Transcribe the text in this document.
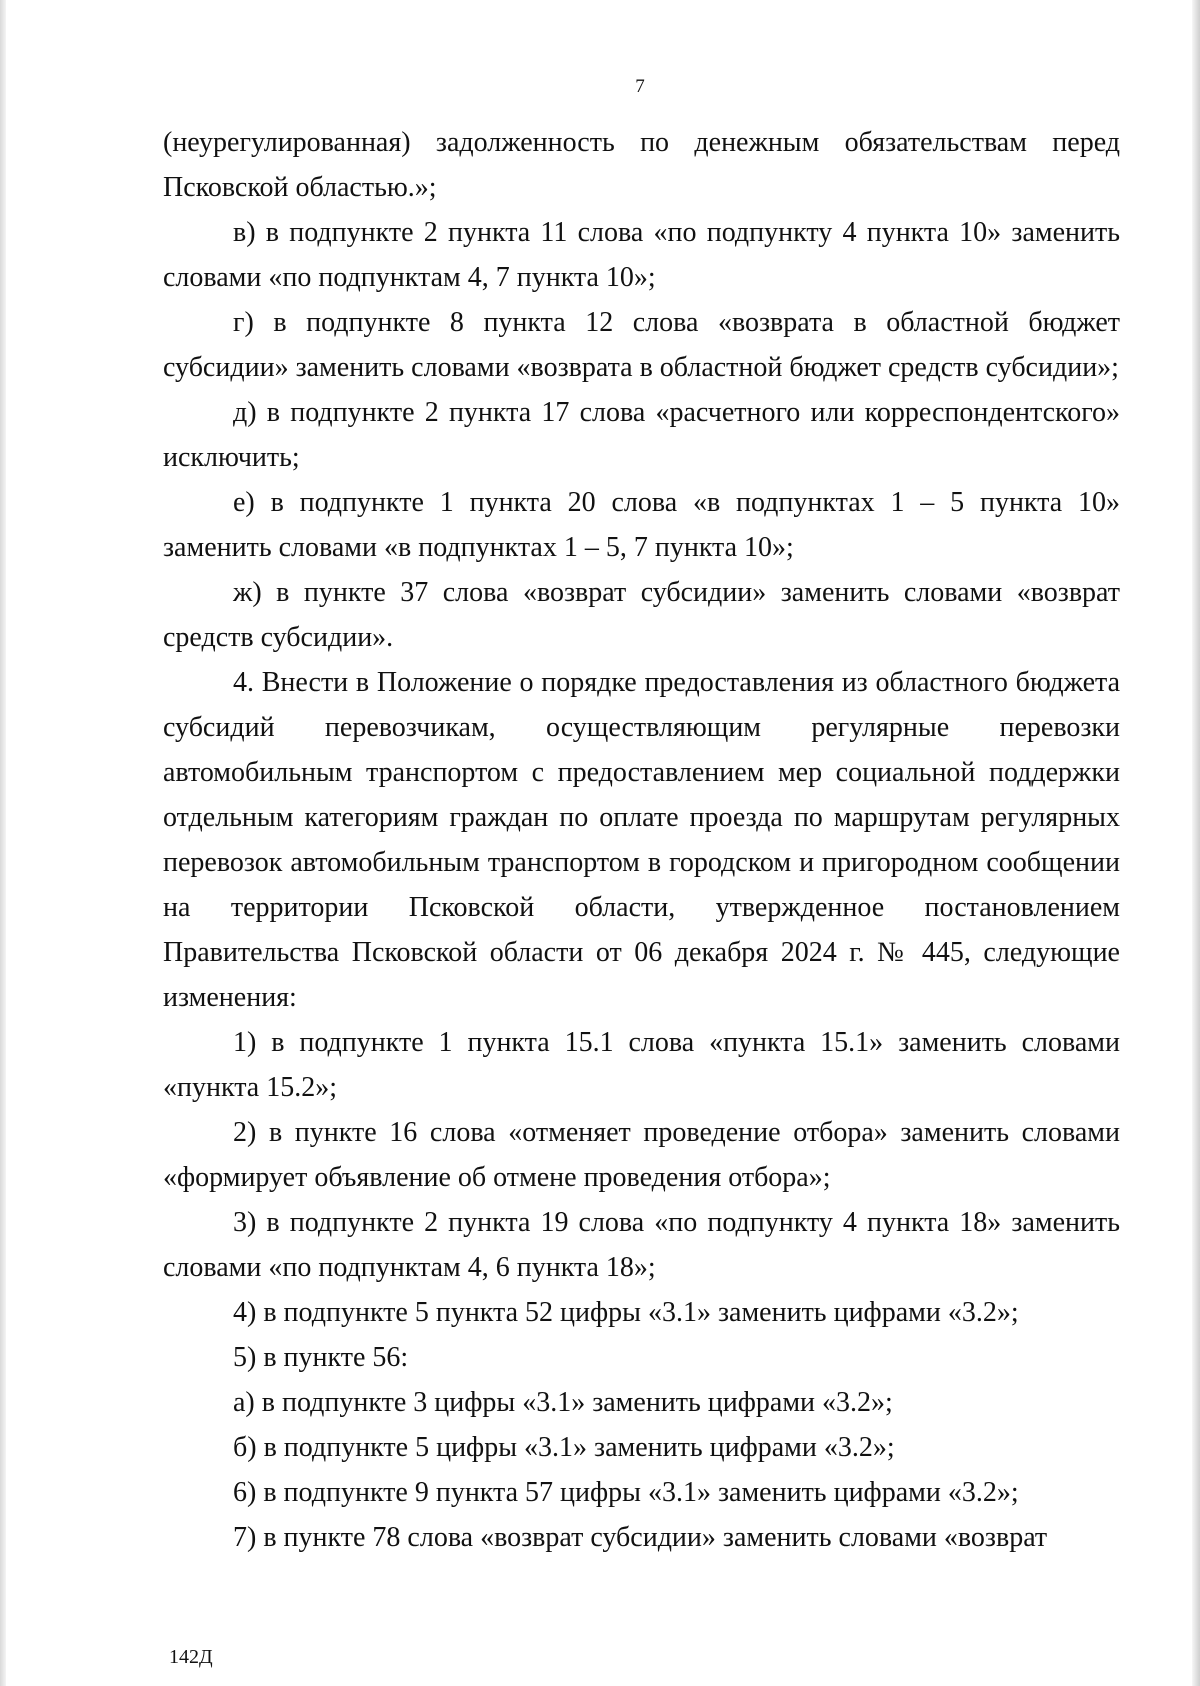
7

(неурегулированная) задолженность по денежным обязательствам перед Псковской областью.»;

в) в подпункте 2 пункта 11 слова «по подпункту 4 пункта 10» заменить словами «по подпунктам 4, 7 пункта 10»;

г) в подпункте 8 пункта 12 слова «возврата в областной бюджет субсидии» заменить словами «возврата в областной бюджет средств субсидии»;

д) в подпункте 2 пункта 17 слова «расчетного или корреспондентского» исключить;

е) в подпункте 1 пункта 20 слова «в подпунктах 1 – 5 пункта 10» заменить словами «в подпунктах 1 – 5, 7 пункта 10»;

ж) в пункте 37 слова «возврат субсидии» заменить словами «возврат средств субсидии».

4. Внести в Положение о порядке предоставления из областного бюджета субсидий перевозчикам, осуществляющим регулярные перевозки автомобильным транспортом с предоставлением мер социальной поддержки отдельным категориям граждан по оплате проезда по маршрутам регулярных перевозок автомобильным транспортом в городском и пригородном сообщении на территории Псковской области, утвержденное постановлением Правительства Псковской области от 06 декабря 2024 г. № 445, следующие изменения:

1) в подпункте 1 пункта 15.1 слова «пункта 15.1» заменить словами «пункта 15.2»;

2) в пункте 16 слова «отменяет проведение отбора» заменить словами «формирует объявление об отмене проведения отбора»;

3) в подпункте 2 пункта 19 слова «по подпункту 4 пункта 18» заменить словами «по подпунктам 4, 6 пункта 18»;

4) в подпункте 5 пункта 52 цифры «3.1» заменить цифрами «3.2»;

5) в пункте 56:

а) в подпункте 3 цифры «3.1» заменить цифрами «3.2»;

б) в подпункте 5 цифры «3.1» заменить цифрами «3.2»;

6) в подпункте 9 пункта 57 цифры «3.1» заменить цифрами «3.2»;

7) в пункте 78 слова «возврат субсидии» заменить словами «возврат

142Д
